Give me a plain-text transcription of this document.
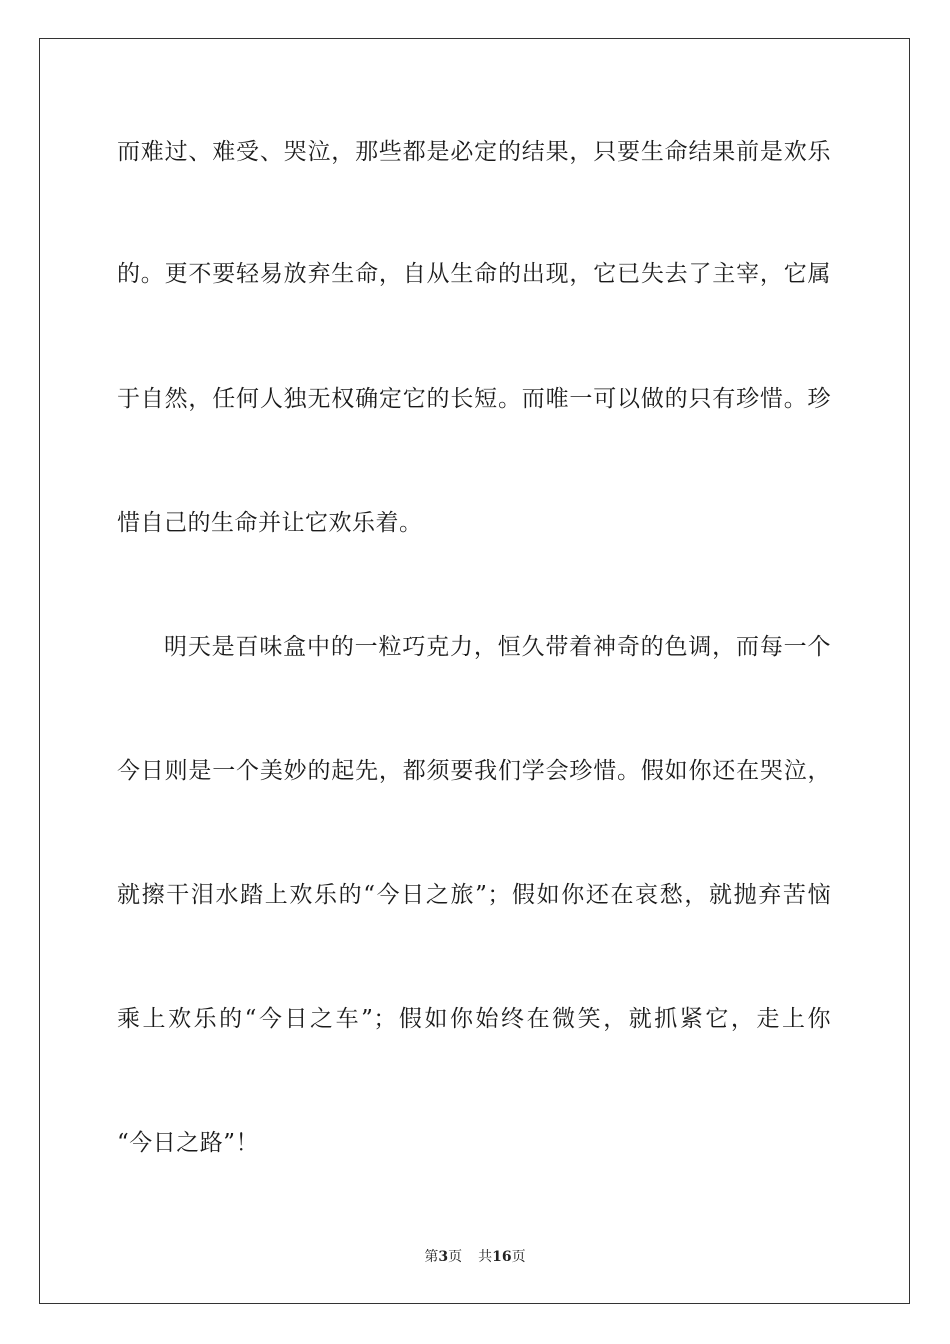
而难过、难受、哭泣，那些都是必定的结果，只要生命结果前是欢乐
的。更不要轻易放弃生命，自从生命的出现，它已失去了主宰，它属
于自然，任何人独无权确定它的长短。而唯一可以做的只有珍惜。珍
惜自己的生命并让它欢乐着。
明天是百味盒中的一粒巧克力，恒久带着神奇的色调，而每一个
今日则是一个美妙的起先，都须要我们学会珍惜。假如你还在哭泣，
就擦干泪水踏上欢乐的“今日之旅”；假如你还在哀愁，就抛弃苦恼
乘上欢乐的“今日之车”；假如你始终在微笑，就抓紧它，走上你
“今日之路”！
第3页 共16页
